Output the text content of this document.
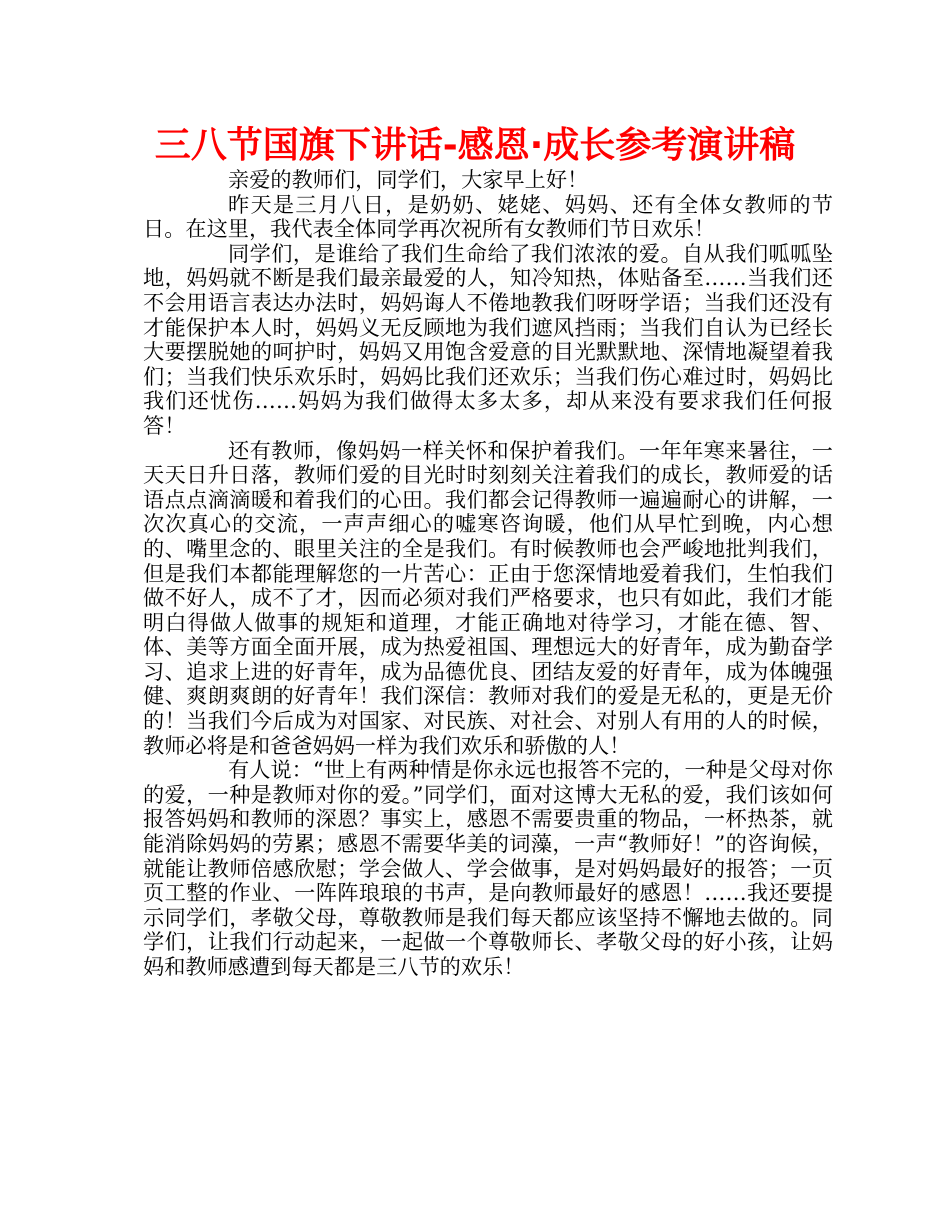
三八节国旗下讲话-感恩·成长参考演讲稿

亲爱的教师们，同学们，大家早上好！

昨天是三月八日，是奶奶、姥姥、妈妈、还有全体女教师的节日。在这里，我代表全体同学再次祝所有女教师们节日欢乐！

同学们，是谁给了我们生命给了我们浓浓的爱。自从我们呱呱坠地，妈妈就不断是我们最亲最爱的人，知冷知热，体贴备至……当我们还不会用语言表达办法时，妈妈诲人不倦地教我们呀呀学语；当我们还没有才能保护本人时，妈妈义无反顾地为我们遮风挡雨；当我们自认为已经长大要摆脱她的呵护时，妈妈又用饱含爱意的目光默默地、深情地凝望着我们；当我们快乐欢乐时，妈妈比我们还欢乐；当我们伤心难过时，妈妈比我们还忧伤……妈妈为我们做得太多太多，却从来没有要求我们任何报答！

还有教师，像妈妈一样关怀和保护着我们。一年年寒来暑往，一天天日升日落，教师们爱的目光时时刻刻关注着我们的成长，教师爱的话语点点滴滴暖和着我们的心田。我们都会记得教师一遍遍耐心的讲解，一次次真心的交流，一声声细心的嘘寒咨询暖，他们从早忙到晚，内心想的、嘴里念的、眼里关注的全是我们。有时候教师也会严峻地批判我们，但是我们本都能理解您的一片苦心：正由于您深情地爱着我们，生怕我们做不好人，成不了才，因而必须对我们严格要求，也只有如此，我们才能明白得做人做事的规矩和道理，才能正确地对待学习，才能在德、智、体、美等方面全面开展，成为热爱祖国、理想远大的好青年，成为勤奋学习、追求上进的好青年，成为品德优良、团结友爱的好青年，成为体魄强健、爽朗爽朗的好青年！我们深信：教师对我们的爱是无私的，更是无价的！当我们今后成为对国家、对民族、对社会、对别人有用的人的时候，教师必将是和爸爸妈妈一样为我们欢乐和骄傲的人！

有人说：“世上有两种情是你永远也报答不完的，一种是父母对你的爱，一种是教师对你的爱。”同学们，面对这博大无私的爱，我们该如何报答妈妈和教师的深恩？事实上，感恩不需要贵重的物品，一杯热茶，就能消除妈妈的劳累；感恩不需要华美的词藻，一声“教师好！”的咨询候，就能让教师倍感欣慰；学会做人、学会做事，是对妈妈最好的报答；一页页工整的作业、一阵阵琅琅的书声，是向教师最好的感恩！……我还要提示同学们，孝敬父母，尊敬教师是我们每天都应该坚持不懈地去做的。同学们，让我们行动起来，一起做一个尊敬师长、孝敬父母的好小孩，让妈妈和教师感遭到每天都是三八节的欢乐！
